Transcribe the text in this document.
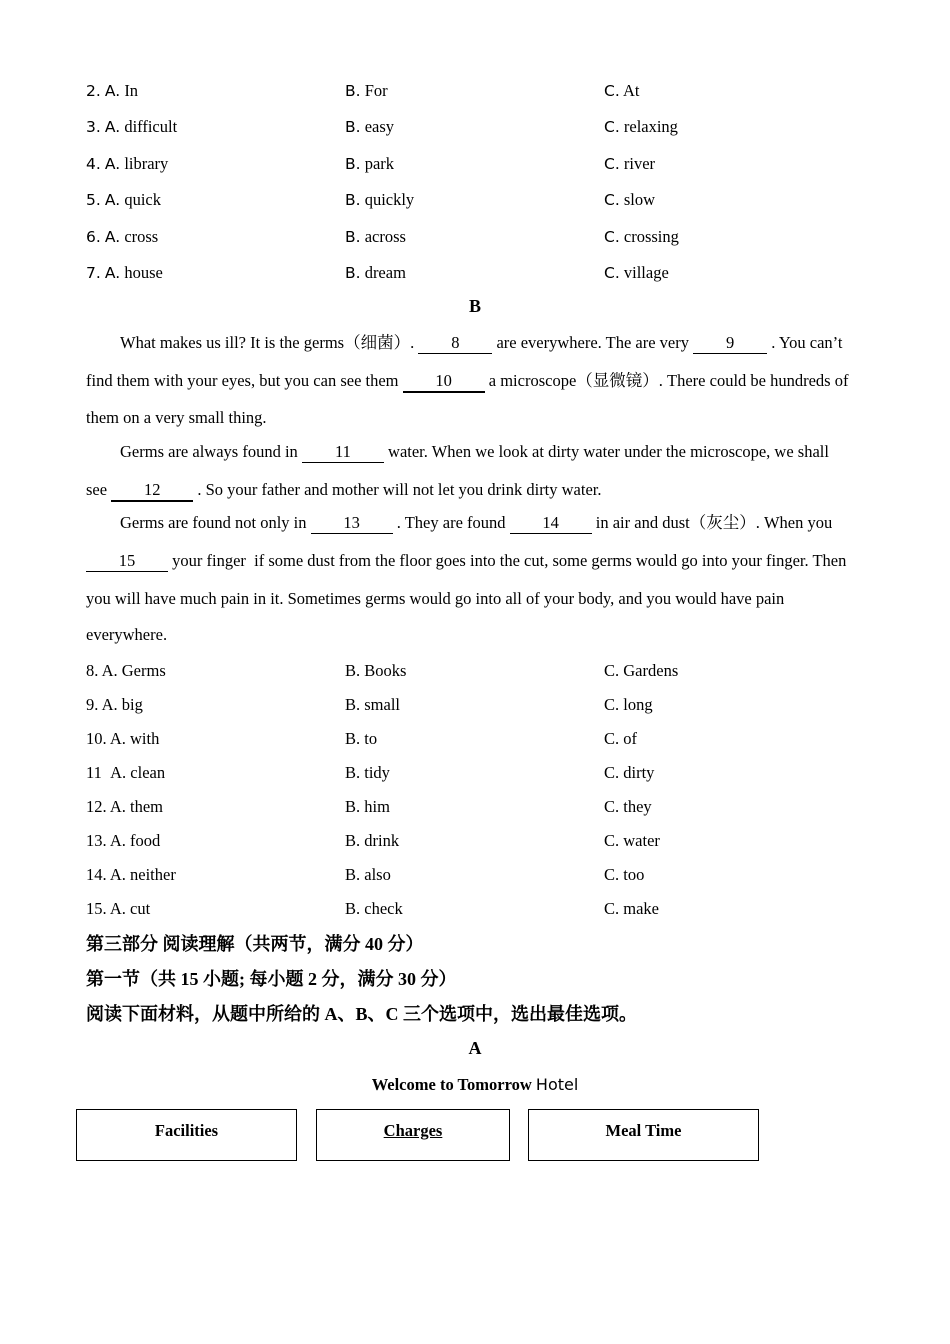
2. A. In	B. For	C. At
3. A. difficult	B. easy	C. relaxing
4. A. library	B. park	C. river
5. A. quick	B. quickly	C. slow
6. A. cross	B. across	C. crossing
7. A. house	B. dream	C. village
B
What makes us ill? It is the germs（细菌）. 8 are everywhere. The are very 9 . You can’t
find them with your eyes, but you can see them 10 a microscope（显微镜）. There could be hundreds of
them on a very small thing.
Germs are always found in 11 water. When we look at dirty water under the microscope, we shall
see 12 . So your father and mother will not let you drink dirty water.
Germs are found not only in 13 . They are found 14 in air and dust（灰尘）. When you
15 your finger  if some dust from the floor goes into the cut, some germs would go into your finger. Then
you will have much pain in it. Sometimes germs would go into all of your body, and you would have pain
everywhere.
8. A. Germs	B. Books	C. Gardens
9. A. big	B. small	C. long
10. A. with	B. to	C. of
11  A. clean	B. tidy	C. dirty
12. A. them	B. him	C. they
13. A. food	B. drink	C. water
14. A. neither	B. also	C. too
15. A. cut	B. check	C. make
第三部分 阅读理解（共两节，满分 40 分）
第一节（共 15 小题; 每小题 2 分，满分 30 分）
阅读下面材料，从题中所给的 A、B、C 三个选项中，选出最佳选项。
A
Welcome to Tomorrow Hotel
Facilities	Charges	Meal Time
